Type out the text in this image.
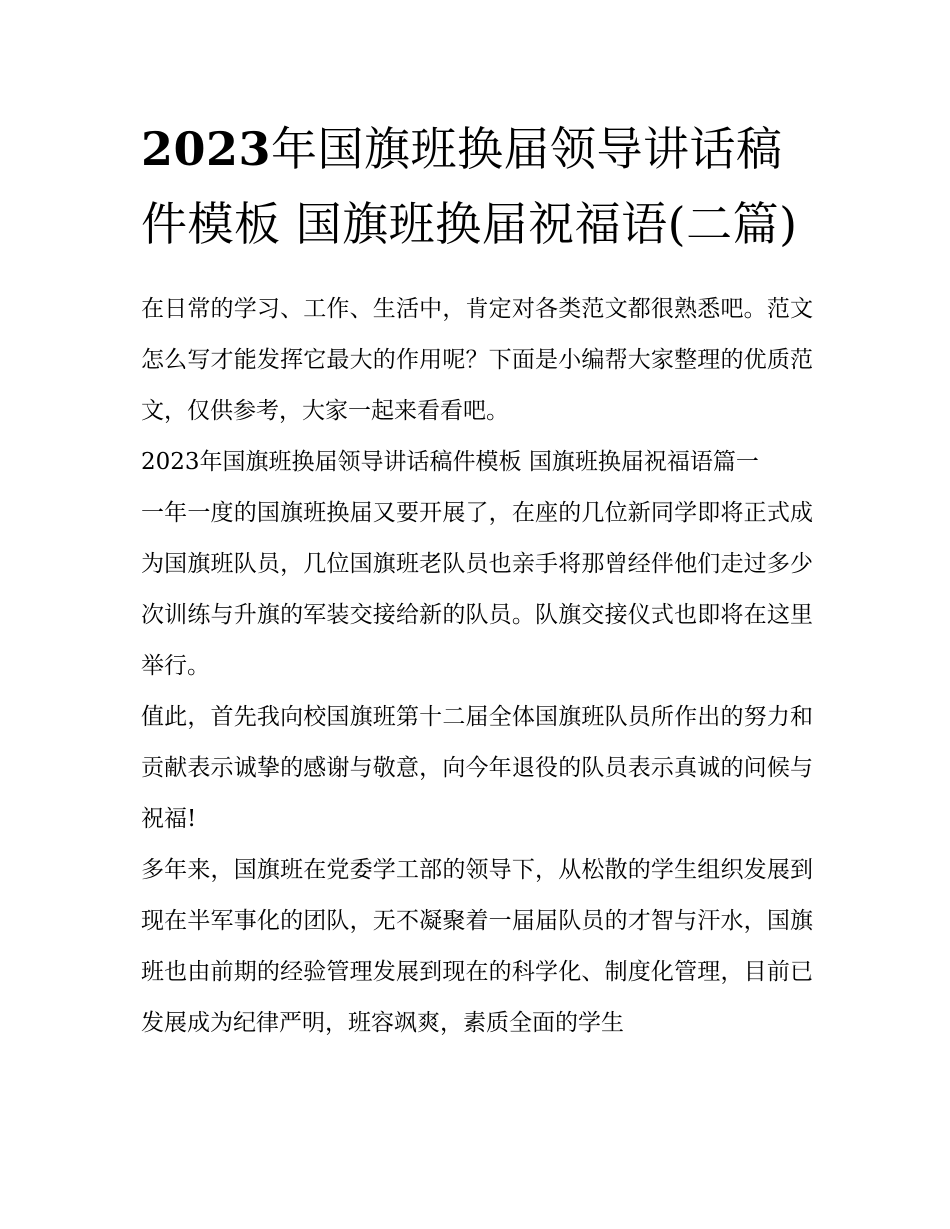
2023年国旗班换届领导讲话稿件模板 国旗班换届祝福语(二篇)

在日常的学习、工作、生活中，肯定对各类范文都很熟悉吧。范文怎么写才能发挥它最大的作用呢？下面是小编帮大家整理的优质范文，仅供参考，大家一起来看看吧。

2023年国旗班换届领导讲话稿件模板 国旗班换届祝福语篇一

一年一度的国旗班换届又要开展了，在座的几位新同学即将正式成为国旗班队员，几位国旗班老队员也亲手将那曾经伴他们走过多少次训练与升旗的军装交接给新的队员。队旗交接仪式也即将在这里举行。

值此，首先我向校国旗班第十二届全体国旗班队员所作出的努力和贡献表示诚挚的感谢与敬意，向今年退役的队员表示真诚的问候与祝福!

多年来，国旗班在党委学工部的领导下，从松散的学生组织发展到现在半军事化的团队，无不凝聚着一届届队员的才智与汗水，国旗班也由前期的经验管理发展到现在的科学化、制度化管理，目前已发展成为纪律严明，班容飒爽，素质全面的学生
